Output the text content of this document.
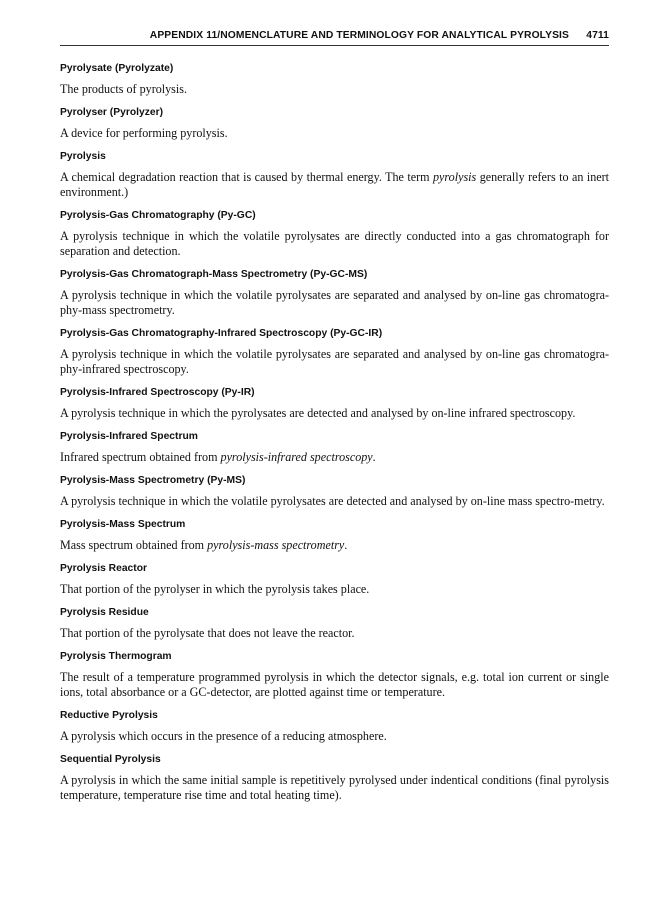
APPENDIX 11/NOMENCLATURE AND TERMINOLOGY FOR ANALYTICAL PYROLYSIS 4711
Pyrolysate (Pyrolyzate)
The products of pyrolysis.
Pyrolyser (Pyrolyzer)
A device for performing pyrolysis.
Pyrolysis
A chemical degradation reaction that is caused by thermal energy. The term pyrolysis generally refers to an inert environment.)
Pyrolysis-Gas Chromatography (Py-GC)
A pyrolysis technique in which the volatile pyrolysates are directly conducted into a gas chromatograph for separation and detection.
Pyrolysis-Gas Chromatograph-Mass Spectrometry (Py-GC-MS)
A pyrolysis technique in which the volatile pyrolysates are separated and analysed by on-line gas chromatogra-phy-mass spectrometry.
Pyrolysis-Gas Chromatography-Infrared Spectroscopy (Py-GC-IR)
A pyrolysis technique in which the volatile pyrolysates are separated and analysed by on-line gas chromatogra-phy-infrared spectroscopy.
Pyrolysis-Infrared Spectroscopy (Py-IR)
A pyrolysis technique in which the pyrolysates are detected and analysed by on-line infrared spectroscopy.
Pyrolysis-Infrared Spectrum
Infrared spectrum obtained from pyrolysis-infrared spectroscopy.
Pyrolysis-Mass Spectrometry (Py-MS)
A pyrolysis technique in which the volatile pyrolysates are detected and analysed by on-line mass spectro-metry.
Pyrolysis-Mass Spectrum
Mass spectrum obtained from pyrolysis-mass spectrometry.
Pyrolysis Reactor
That portion of the pyrolyser in which the pyrolysis takes place.
Pyrolysis Residue
That portion of the pyrolysate that does not leave the reactor.
Pyrolysis Thermogram
The result of a temperature programmed pyrolysis in which the detector signals, e.g. total ion current or single ions, total absorbance or a GC-detector, are plotted against time or temperature.
Reductive Pyrolysis
A pyrolysis which occurs in the presence of a reducing atmosphere.
Sequential Pyrolysis
A pyrolysis in which the same initial sample is repetitively pyrolysed under indentical conditions (final pyrolysis temperature, temperature rise time and total heating time).
